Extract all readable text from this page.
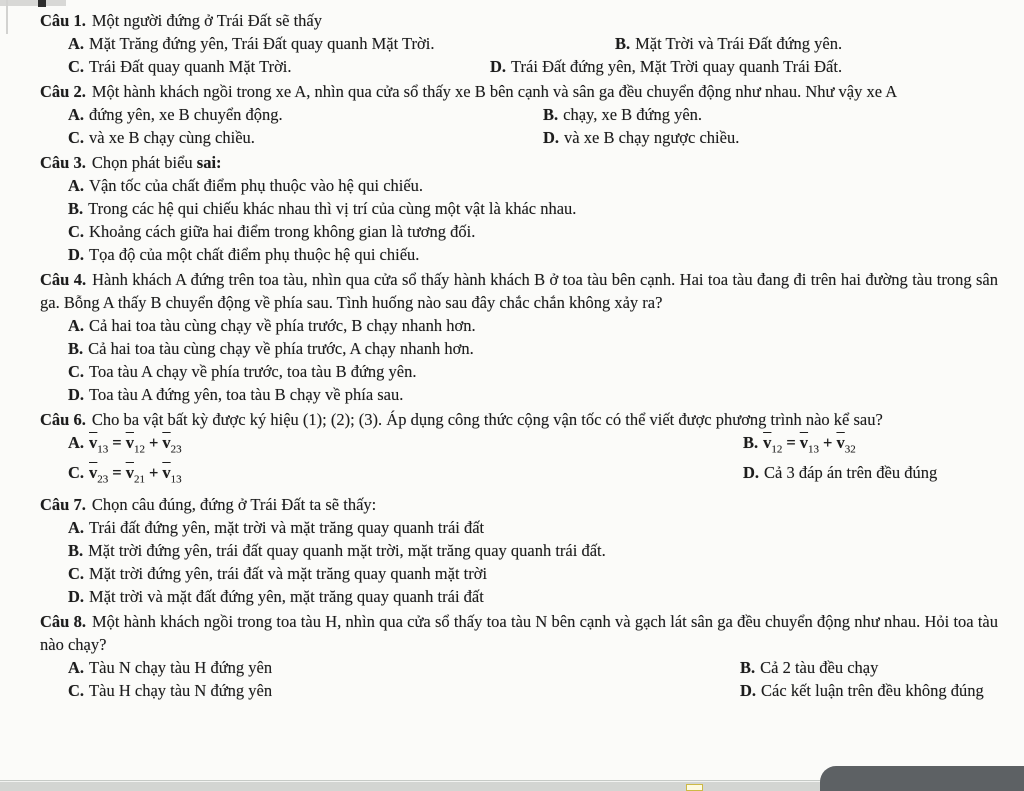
Câu 1. Một người đứng ở Trái Đất sẽ thấy

A. Mặt Trăng đứng yên, Trái Đất quay quanh Mặt Trời.	B. Mặt Trời và Trái Đất đứng yên.
C. Trái Đất quay quanh Mặt Trời.	D. Trái Đất đứng yên, Mặt Trời quay quanh Trái Đất.

Câu 2. Một hành khách ngồi trong xe A, nhìn qua cửa sổ thấy xe B bên cạnh và sân ga đều chuyển động như nhau. Như vậy xe A

A. đứng yên, xe B chuyển động.	B. chạy, xe B đứng yên.
C. và xe B chạy cùng chiều.	D. và xe B chạy ngược chiều.

Câu 3. Chọn phát biểu sai:

A. Vận tốc của chất điểm phụ thuộc vào hệ qui chiếu.
B. Trong các hệ qui chiếu khác nhau thì vị trí của cùng một vật là khác nhau.
C. Khoảng cách giữa hai điểm trong không gian là tương đối.
D. Tọa độ của một chất điểm phụ thuộc hệ qui chiếu.

Câu 4. Hành khách A đứng trên toa tàu, nhìn qua cửa sổ thấy hành khách B ở toa tàu bên cạnh. Hai toa tàu đang đi trên hai đường tàu trong sân ga. Bỗng A thấy B chuyển động về phía sau. Tình huống nào sau đây chắc chắn không xảy ra?

A. Cả hai toa tàu cùng chạy về phía trước, B chạy nhanh hơn.
B. Cả hai toa tàu cùng chạy về phía trước, A chạy nhanh hơn.
C. Toa tàu A chạy về phía trước, toa tàu B đứng yên.
D. Toa tàu A đứng yên, toa tàu B chạy về phía sau.

Câu 6. Cho ba vật bất kỳ được ký hiệu (1); (2); (3). Áp dụng công thức cộng vận tốc có thể viết được phương trình nào kể sau?

A. $\overline{v}_{13} = \overline{v}_{12} + \overline{v}_{23}$	B. $\overline{v}_{12} = \overline{v}_{13} + \overline{v}_{32}$
C. $\overline{v}_{23} = \overline{v}_{21} + \overline{v}_{13}$	D. Cả 3 đáp án trên đều đúng

Câu 7. Chọn câu đúng, đứng ở Trái Đất ta sẽ thấy:

A. Trái đất đứng yên, mặt trời và mặt trăng quay quanh trái đất
B. Mặt trời đứng yên, trái đất quay quanh mặt trời, mặt trăng quay quanh trái đất.
C. Mặt trời đứng yên, trái đất và mặt trăng quay quanh mặt trời
D. Mặt trời và mặt đất đứng yên, mặt trăng quay quanh trái đất

Câu 8. Một hành khách ngồi trong toa tàu H, nhìn qua cửa sổ thấy toa tàu N bên cạnh và gạch lát sân ga đều chuyển động như nhau. Hỏi toa tàu nào chạy?

A. Tàu N chạy tàu H đứng yên	B. Cả 2 tàu đều chạy
C. Tàu H chạy tàu N đứng yên	D. Các kết luận trên đều không đúng
